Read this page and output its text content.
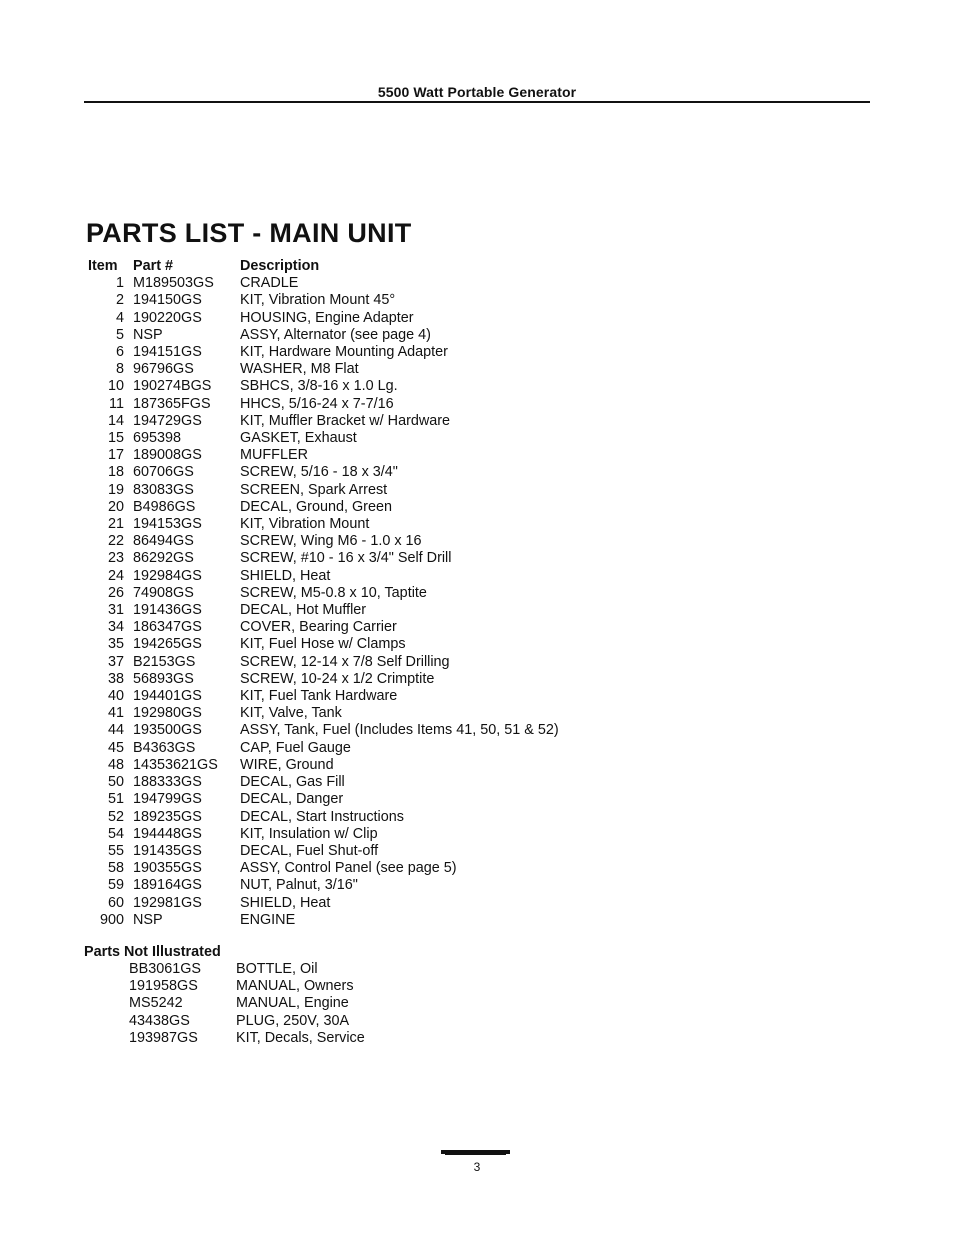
5500 Watt Portable Generator
PARTS LIST - MAIN UNIT
Item	Part #	Description
1	M189503GS	CRADLE
2	194150GS	KIT, Vibration Mount 45°
4	190220GS	HOUSING, Engine Adapter
5	NSP	ASSY, Alternator (see page 4)
6	194151GS	KIT, Hardware Mounting Adapter
8	96796GS	WASHER, M8 Flat
10	190274BGS	SBHCS, 3/8-16 x 1.0 Lg.
11	187365FGS	HHCS, 5/16-24 x 7-7/16
14	194729GS	KIT, Muffler Bracket w/ Hardware
15	695398	GASKET, Exhaust
17	189008GS	MUFFLER
18	60706GS	SCREW, 5/16 - 18 x 3/4"
19	83083GS	SCREEN, Spark Arrest
20	B4986GS	DECAL, Ground, Green
21	194153GS	KIT, Vibration Mount
22	86494GS	SCREW, Wing M6 - 1.0 x 16
23	86292GS	SCREW, #10 - 16 x 3/4" Self Drill
24	192984GS	SHIELD, Heat
26	74908GS	SCREW, M5-0.8 x 10, Taptite
31	191436GS	DECAL, Hot Muffler
34	186347GS	COVER, Bearing Carrier
35	194265GS	KIT, Fuel Hose w/ Clamps
37	B2153GS	SCREW, 12-14 x 7/8 Self Drilling
38	56893GS	SCREW, 10-24 x 1/2 Crimptite
40	194401GS	KIT, Fuel Tank Hardware
41	192980GS	KIT, Valve, Tank
44	193500GS	ASSY, Tank, Fuel (Includes Items 41, 50, 51 & 52)
45	B4363GS	CAP, Fuel Gauge
48	14353621GS	WIRE, Ground
50	188333GS	DECAL, Gas Fill
51	194799GS	DECAL, Danger
52	189235GS	DECAL, Start Instructions
54	194448GS	KIT, Insulation w/ Clip
55	191435GS	DECAL, Fuel Shut-off
58	190355GS	ASSY, Control Panel (see page 5)
59	189164GS	NUT, Palnut, 3/16"
60	192981GS	SHIELD, Heat
900	NSP	ENGINE
Parts Not Illustrated
BB3061GS	BOTTLE, Oil
191958GS	MANUAL, Owners
MS5242	MANUAL, Engine
43438GS	PLUG, 250V, 30A
193987GS	KIT, Decals, Service
3
